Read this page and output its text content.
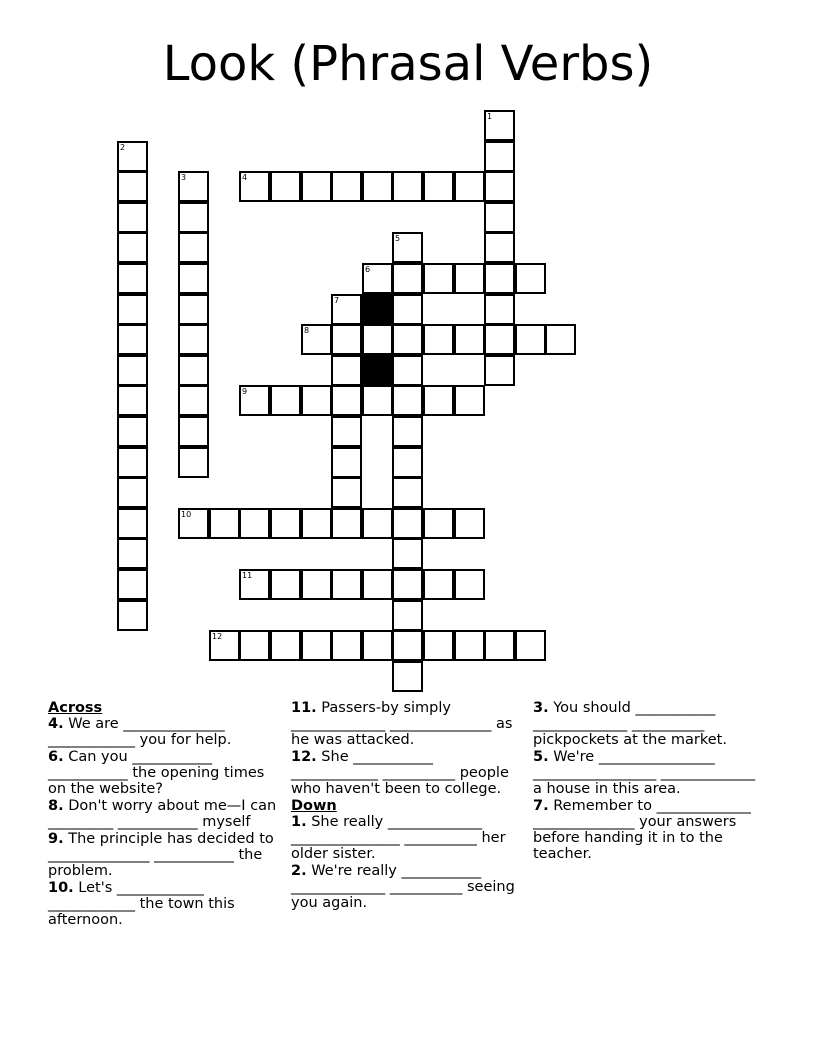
Look (Phrasal Verbs)
1
2
3	4
5
6
7
8
9
10
11
12
Across
4. We are ______________ ____________ you for help.
6. Can you ___________ ___________ the opening times on the website?
8. Don't worry about me—I can _________ ___________ myself
9. The principle has decided to ______________ ___________ the problem.
10. Let's ____________ ____________ the town this afternoon.
11. Passers-by simply _____________ ______________ as he was attacked.
12. She ___________ ____________ __________ people who haven't been to college.
Down
1. She really _____________ _______________ __________ her older sister.
2. We're really ___________ _____________ __________ seeing you again.
3. You should ___________ _____________ __________ pickpockets at the market.
5. We're ________________ _________________ _____________ a house in this area.
7. Remember to _____________ ______________ your answers before handing it in to the teacher.
